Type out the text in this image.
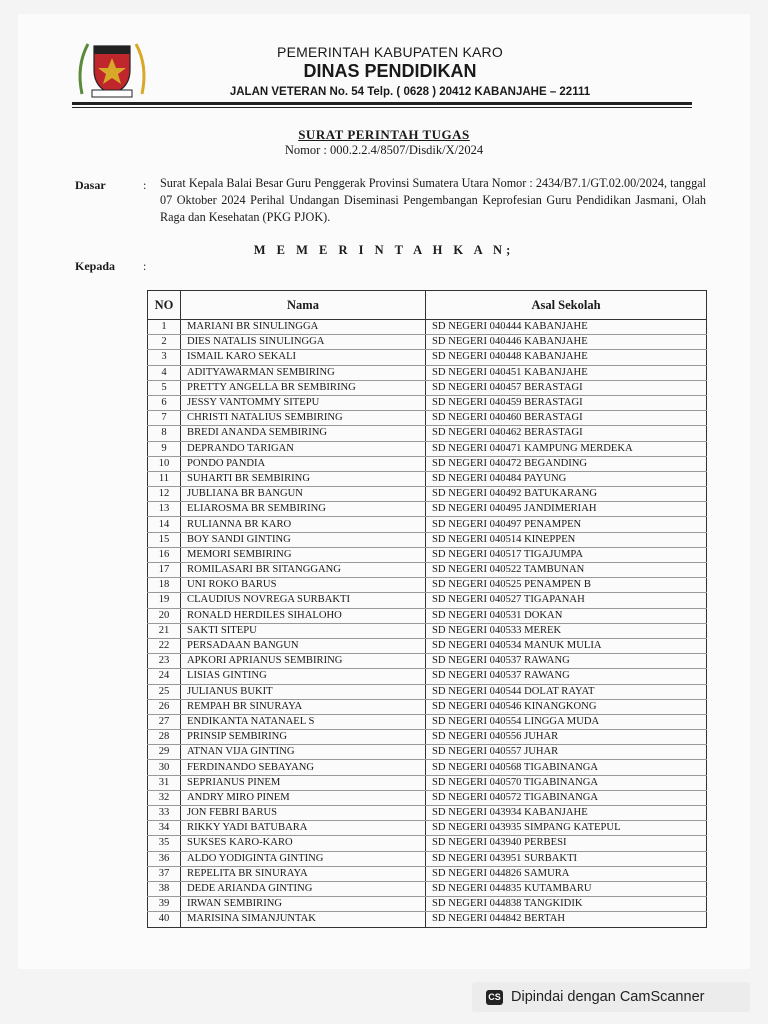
PEMERINTAH KABUPATEN KARO
DINAS PENDIDIKAN
JALAN VETERAN No. 54 Telp. ( 0628 ) 20412 KABANJAHE – 22111
SURAT PERINTAH TUGAS
Nomor : 000.2.2.4/8507/Disdik/X/2024
Dasar	: Surat Kepala Balai Besar Guru Penggerak Provinsi Sumatera Utara Nomor : 2434/B7.1/GT.02.00/2024, tanggal 07 Oktober 2024 Perihal Undangan Diseminasi Pengembangan Keprofesian Guru Pendidikan Jasmani, Olah Raga dan Kesehatan (PKG PJOK).
M E M E R I N T A H K A N;
Kepada :
NO	Nama	Asal Sekolah
1	MARIANI BR SINULINGGA	SD NEGERI 040444 KABANJAHE
2	DIES NATALIS SINULINGGA	SD NEGERI 040446 KABANJAHE
3	ISMAIL KARO SEKALI	SD NEGERI 040448 KABANJAHE
4	ADITYAWARMAN SEMBIRING	SD NEGERI 040451 KABANJAHE
5	PRETTY ANGELLA BR SEMBIRING	SD NEGERI 040457 BERASTAGI
6	JESSY VANTOMMY SITEPU	SD NEGERI 040459 BERASTAGI
7	CHRISTI NATALIUS SEMBIRING	SD NEGERI 040460 BERASTAGI
8	BREDI ANANDA SEMBIRING	SD NEGERI 040462 BERASTAGI
9	DEPRANDO TARIGAN	SD NEGERI 040471 KAMPUNG MERDEKA
10	PONDO PANDIA	SD NEGERI 040472 BEGANDING
11	SUHARTI BR SEMBIRING	SD NEGERI 040484 PAYUNG
12	JUBLIANA BR BANGUN	SD NEGERI 040492 BATUKARANG
13	ELIAROSMA BR SEMBIRING	SD NEGERI 040495 JANDIMERIAH
14	RULIANNA BR KARO	SD NEGERI 040497 PENAMPEN
15	BOY SANDI GINTING	SD NEGERI 040514 KINEPPEN
16	MEMORI SEMBIRING	SD NEGERI 040517 TIGAJUMPA
17	ROMILASARI BR SITANGGANG	SD NEGERI 040522 TAMBUNAN
18	UNI ROKO BARUS	SD NEGERI 040525 PENAMPEN B
19	CLAUDIUS NOVREGA SURBAKTI	SD NEGERI 040527 TIGAPANAH
20	RONALD HERDILES SIHALOHO	SD NEGERI 040531 DOKAN
21	SAKTI SITEPU	SD NEGERI 040533 MEREK
22	PERSADAAN BANGUN	SD NEGERI 040534 MANUK MULIA
23	APKORI APRIANUS SEMBIRING	SD NEGERI 040537 RAWANG
24	LISIAS GINTING	SD NEGERI 040537 RAWANG
25	JULIANUS BUKIT	SD NEGERI 040544 DOLAT RAYAT
26	REMPAH BR SINURAYA	SD NEGERI 040546 KINANGKONG
27	ENDIKANTA NATANAEL S	SD NEGERI 040554 LINGGA MUDA
28	PRINSIP SEMBIRING	SD NEGERI 040556 JUHAR
29	ATNAN VIJA GINTING	SD NEGERI 040557 JUHAR
30	FERDINANDO SEBAYANG	SD NEGERI 040568 TIGABINANGA
31	SEPRIANUS PINEM	SD NEGERI 040570 TIGABINANGA
32	ANDRY MIRO PINEM	SD NEGERI 040572 TIGABINANGA
33	JON FEBRI BARUS	SD NEGERI 043934 KABANJAHE
34	RIKKY YADI BATUBARA	SD NEGERI 043935 SIMPANG KATEPUL
35	SUKSES KARO-KARO	SD NEGERI 043940 PERBESI
36	ALDO YODIGINTA GINTING	SD NEGERI 043951 SURBAKTI
37	REPELITA BR SINURAYA	SD NEGERI 044826 SAMURA
38	DEDE ARIANDA GINTING	SD NEGERI 044835 KUTAMBARU
39	IRWAN SEMBIRING	SD NEGERI 044838 TANGKIDIK
40	MARISINA SIMANJUNTAK	SD NEGERI 044842 BERTAH
CS Dipindai dengan CamScanner
